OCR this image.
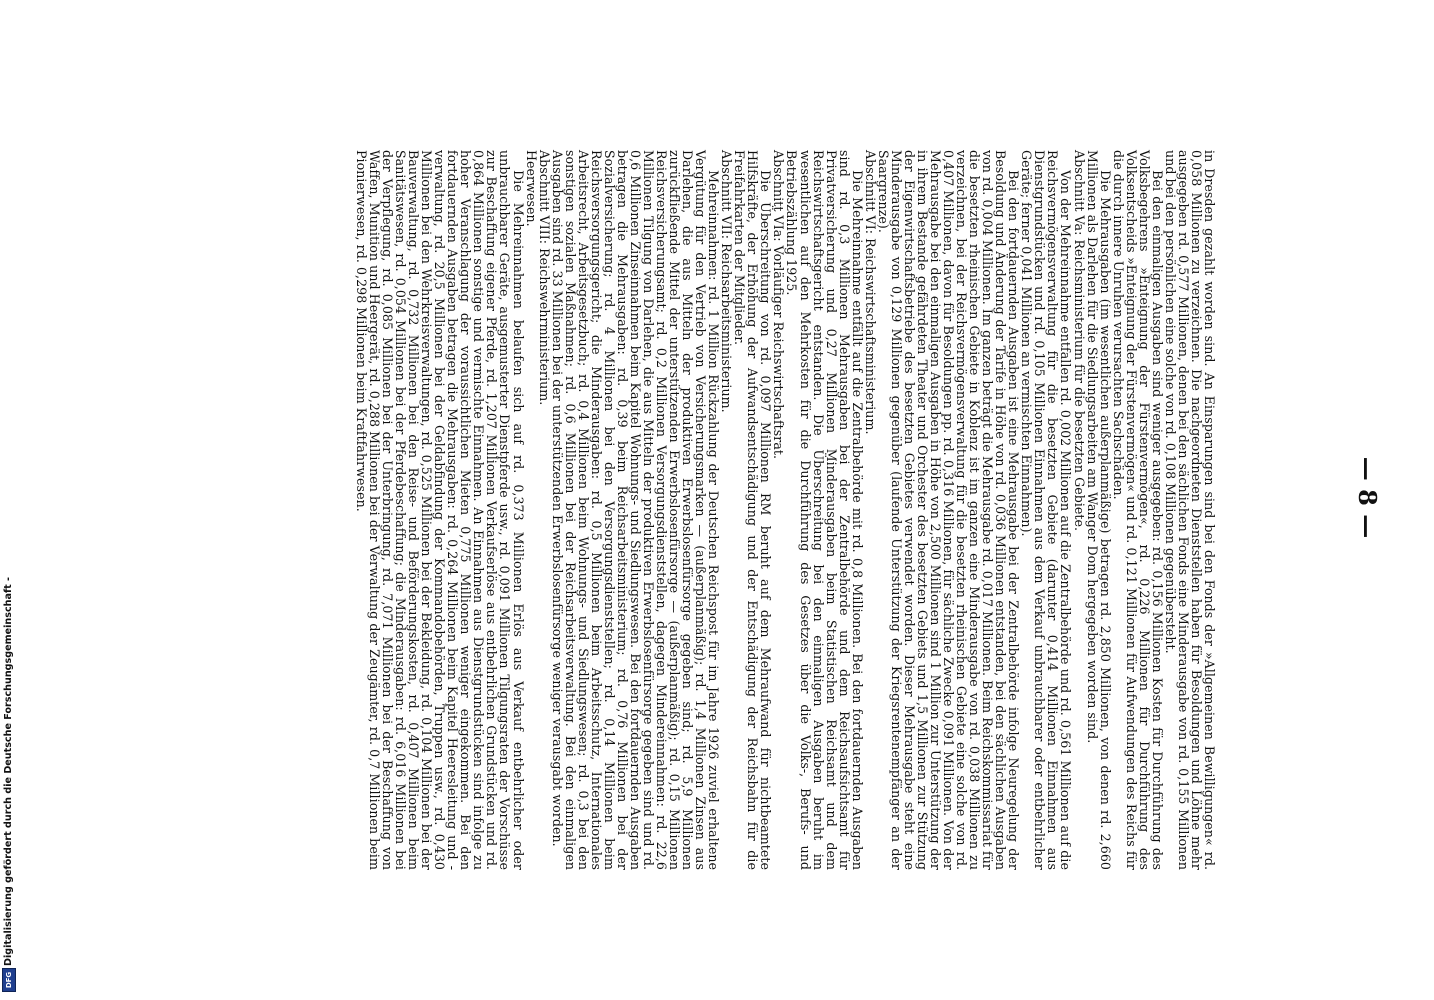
— 8 —

in Dresden gezahlt worden sind. An Einsparungen sind bei den Fonds der »Allgemeinen Bewilligungen« rd. 0,058 Millionen zu verzeichnen. Die nachgeordneten Dienststellen haben für Besoldungen und Löhne mehr ausgegeben rd. 0,577 Millionen, denen bei den sächlichen Fonds eine Minderausgabe von rd. 0,155 Millionen und bei den persönlichen eine solche von rd. 0,108 Millionen gegenübersteht.

Bei den einmaligen Ausgaben sind weniger ausgegeben: rd. 0,156 Millionen Kosten für Durchführung des Volksbegehrens »Enteignung der Fürstenvermögen«, rd. 0,226 Millionen für Durchführung des Volksentscheids »Enteignung der Fürstenvermögen« und rd. 0,121 Millionen für Aufwendungen des Reichs für die durch innere Unruhen verursachten Sachschäden.

Die Mehrausgaben (im wesentlichen außerplanmäßige) betragen rd. 2,850 Millionen, von denen rd. 2,660 Millionen als Darlehen für die Siedlungsarbeiten am Wanger Dom hergegeben worden sind.

Abschnitt Va: Reichsministerium für die besetzten Gebiete.

Von der Mehreinnahme entfallen rd. 0,002 Millionen auf die Zentralbehörde und rd. 0,561 Millionen auf die Reichsvermögensverwaltung für die besetzten Gebiete (darunter 0,414 Millionen Einnahmen aus Dienstgrundstücken und rd. 0,105 Millionen Einnahmen aus dem Verkauf unbrauchbarer oder entbehrlicher Geräte; ferner 0,041 Millionen an vermischten Einnahmen).

Bei den fortdauernden Ausgaben ist eine Mehrausgabe bei der Zentralbehörde infolge Neuregelung der Besoldung und Änderung der Tarife in Höhe von rd. 0,036 Millionen entstanden, bei den sächlichen Ausgaben von rd. 0,004 Millionen. Im ganzen beträgt die Mehrausgabe rd. 0,017 Millionen. Beim Reichskommissariat für die besetzten rheinischen Gebiete in Koblenz ist im ganzen eine Minderausgabe von rd. 0,038 Millionen zu verzeichnen, bei der Reichsvermögensverwaltung für die besetzten rheinischen Gebiete eine solche von rd. 0,407 Millionen, davon für Besoldungen pp. rd. 0,316 Millionen, für sächliche Zwecke 0,091 Millionen. Von der Mehrausgabe bei den einmaligen Ausgaben in Höhe von 2,500 Millionen sind 1 Million zur Unterstützung der in ihrem Bestande gefährdeten Theater und Orchester des besetzten Gebiets und 1,5 Millionen zur Stützung der Eigenwirtschaftsbetriebe des besetzten Gebietes verwendet worden. Dieser Mehrausgabe steht eine Minderausgabe von 0,129 Millionen gegenüber (laufende Unterstützung der Kriegsrentenempfänger an der Saargrenze).

Abschnitt VI: Reichswirtschaftsministerium.

Die Mehreinnahme entfällt auf die Zentralbehörde mit rd. 0,8 Millionen. Bei den fortdauernden Ausgaben sind rd. 0,3 Millionen Mehrausgaben bei der Zentralbehörde und dem Reichsaufsichtsamt für Privatversicherung und 0,27 Millionen Minderausgaben beim Statistischen Reichsamt und dem Reichswirtschaftsgericht entstanden. Die Überschreitung bei den einmaligen Ausgaben beruht im wesentlichen auf den Mehrkosten für die Durchführung des Gesetzes über die Volks-, Berufs- und Betriebszählung 1925.

Abschnitt VIa: Vorläufiger Reichswirtschaftsrat.

Die Überschreitung von rd. 0,097 Millionen RM beruht auf dem Mehraufwand für nichtbeamtete Hilfskräfte, der Erhöhung der Aufwandsentschädigung und der Entschädigung der Reichsbahn für die Freifahrkarten der Mitglieder.

Abschnitt VII: Reichsarbeitsministerium.

Mehreinnahmen: rd. 1 Million Rückzahlung der Deutschen Reichspost für im Jahre 1926 zuviel erhaltene Vergütung für den Vertrieb von Versicherungsmarken — (außerplanmäßig); rd. 1,4 Millionen Zinsen aus Darlehen, die aus Mitteln der produktiven Erwerbslosenfürsorge gegeben sind; rd. 5,9 Millionen zurückfließende Mittel der unterstützenden Erwerbslosenfürsorge — (außerplanmäßig); rd. 0,15 Millionen Reichsversicherungsamt; rd. 0,2 Millionen Versorgungsdienststellen, dagegen Mindereinnahmen: rd. 22,6 Millionen Tilgung von Darlehen, die aus Mitteln der produktiven Erwerbslosenfürsorge gegeben sind und rd. 0,6 Millionen Zinseinnahmen beim Kapitel Wohnungs- und Siedlungswesen. Bei den fortdauernden Ausgaben betragen die Mehrausgaben: rd. 0,39 beim Reichsarbeitsministerium; rd. 0,76 Millionen bei der Sozialversicherung; rd. 4 Millionen bei den Versorgungsdienststellen; rd. 0,14 Millionen beim Reichsversorgungsgericht; die Minderausgaben: rd. 0,5 Millionen beim Arbeitsschutz, Internationales Arbeitsrecht, Arbeitsgesetzbuch; rd. 0,4 Millionen beim Wohnungs- und Siedlungswesen; rd. 0,3 bei den sonstigen sozialen Maßnahmen; rd. 0,6 Millionen bei der Reichsarbeitsverwaltung. Bei den einmaligen Ausgaben sind rd. 33 Millionen bei der unterstützenden Erwerbslosenfürsorge weniger verausgabt worden.

Abschnitt VIII: Reichswehrministerium.

Heerwesen.

Die Mehreinnahmen belaufen sich auf rd. 0,373 Millionen Erlös aus Verkauf entbehrlicher oder unbrauchbarer Geräte, ausgemusterter Dienstpferde usw., rd. 0,091 Millionen Tilgungsraten der Vorschüsse zur Beschaffung eigener Pferde, rd. 1,207 Millionen Verkaufserlöse aus entbehrlichen Grundstücken und rd. 0,864 Millionen sonstige und vermischte Einnahmen. An Einnahmen aus Dienstgrundstücken sind infolge zu hoher Veranschlagung der voraussichtlichen Mieten 0,775 Millionen weniger eingekommen. Bei den fortdauernden Ausgaben betragen die Mehrausgaben: rd. 0,264 Millionen beim Kapitel Heeresleitung und -verwaltung, rd. 20,5 Millionen bei der Geldabfindung der Kommandobehörden, Truppen usw., rd. 0,430 Millionen bei den Wehrkreisverwaltungen, rd. 0,525 Millionen bei der Bekleidung, rd. 0,104 Millionen bei der Bauverwaltung, rd. 0,732 Millionen bei den Reise- und Beförderungskosten, rd. 0,407 Millionen beim Sanitätswesen, rd. 0,054 Millionen bei der Pferdebeschaffung; die Minderausgaben: rd. 6,016 Millionen bei der Verpflegung, rd. 0,085 Millionen bei der Unterbringung, rd. 7,071 Millionen bei der Beschaffung von Waffen, Munition und Heergerät, rd. 0,288 Millionen bei der Verwaltung der Zeugämter, rd. 0,7 Millionen beim Pionierwesen, rd. 0,298 Millionen beim Kraftfahrwesen.

Digitalisierung gefördert durch die Deutsche Forschungsgemeinschaft -
DFG
